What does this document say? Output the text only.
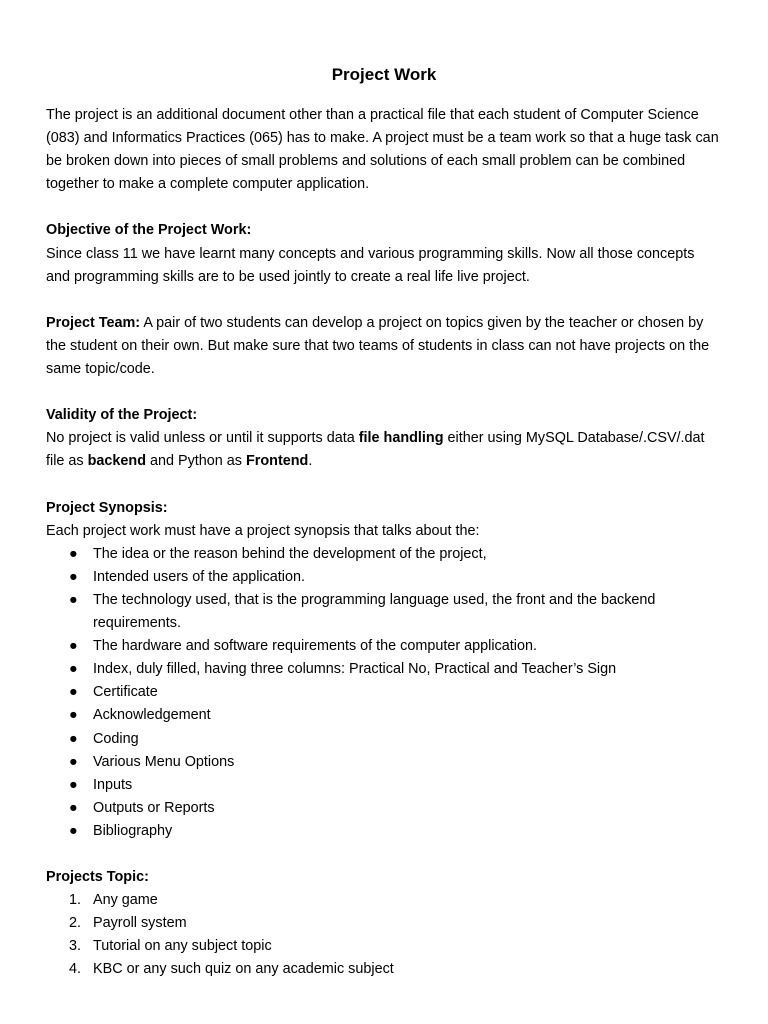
Project Work

The project is an additional document other than a practical file that each student of Computer Science (083) and Informatics Practices (065) has to make. A project must be a team work so that a huge task can be broken down into pieces of small problems and solutions of each small problem can be combined together to make a complete computer application.

Objective of the Project Work:
Since class 11 we have learnt many concepts and various programming skills. Now all those concepts and programming skills are to be used jointly to create a real life live project.

Project Team: A pair of two students can develop a project on topics given by the teacher or chosen by the student on their own. But make sure that two teams of students in class can not have projects on the same topic/code.

Validity of the Project:
No project is valid unless or until it supports data file handling either using MySQL Database/.CSV/.dat file as backend and Python as Frontend.

Project Synopsis:

Each project work must have a project synopsis that talks about the:

● The idea or the reason behind the development of the project,
● Intended users of the application.
● The technology used, that is the programming language used, the front and the backend requirements.
● The hardware and software requirements of the computer application.
● Index, duly filled, having three columns: Practical No, Practical and Teacher’s Sign
● Certificate
● Acknowledgement
● Coding
● Various Menu Options
● Inputs
● Outputs or Reports
● Bibliography
Projects Topic:
1. Any game
2. Payroll system
3. Tutorial on any subject topic
4. KBC or any such quiz on any academic subject
